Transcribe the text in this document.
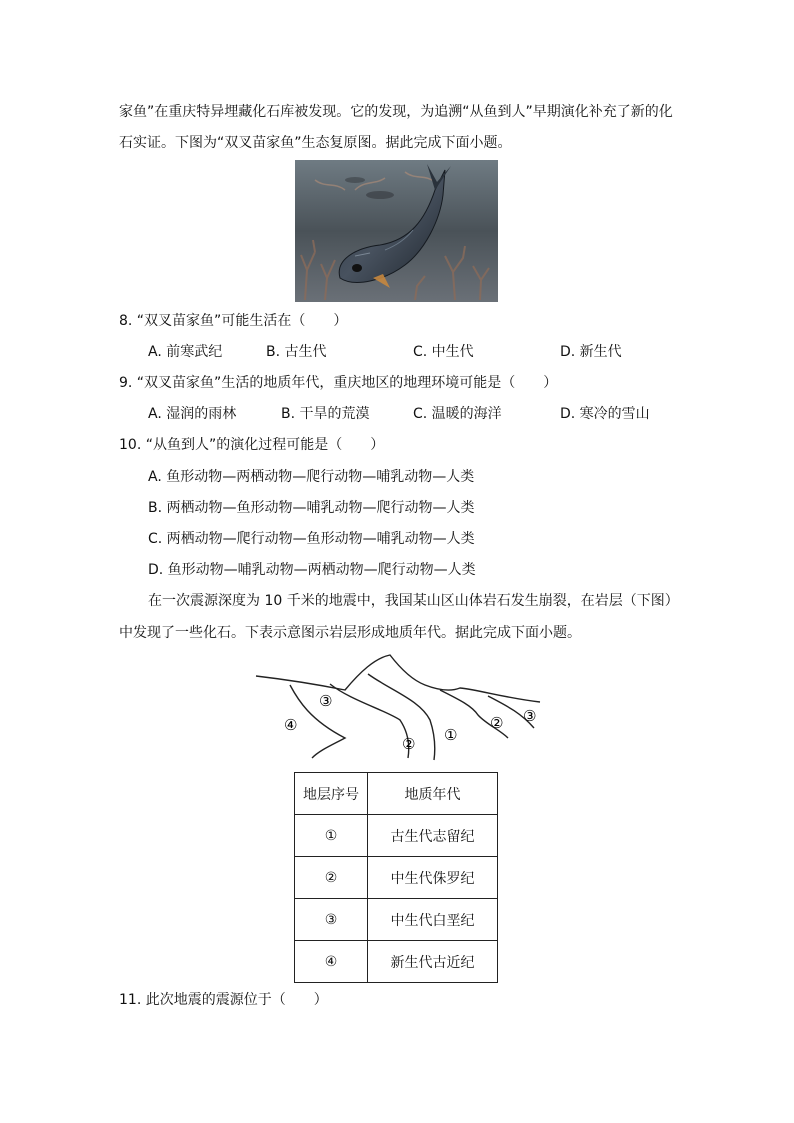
家鱼”在重庆特异埋藏化石库被发现。它的发现，为追溯“从鱼到人”早期演化补充了新的化
石实证。下图为“双叉苗家鱼”生态复原图。据此完成下面小题。
8. “双叉苗家鱼”可能生活在（　　）
A. 前寒武纪	B. 古生代	C. 中生代	D. 新生代
9. “双叉苗家鱼”生活的地质年代，重庆地区的地理环境可能是（　　）
A. 湿润的雨林	B. 干旱的荒漠	C. 温暖的海洋	D. 寒冷的雪山
10. “从鱼到人”的演化过程可能是（　　）
A. 鱼形动物—两栖动物—爬行动物—哺乳动物—人类
B. 两栖动物—鱼形动物—哺乳动物—爬行动物—人类
C. 两栖动物—爬行动物—鱼形动物—哺乳动物—人类
D. 鱼形动物—哺乳动物—两栖动物—爬行动物—人类
在一次震源深度为 10 千米的地震中，我国某山区山体岩石发生崩裂，在岩层（下图）
中发现了一些化石。下表示意图示岩层形成地质年代。据此完成下面小题。
④
③
② ①
② ③
地层序号	地质年代
①	古生代志留纪
②	中生代侏罗纪
③	中生代白垩纪
④	新生代古近纪
11. 此次地震的震源位于（　　）
